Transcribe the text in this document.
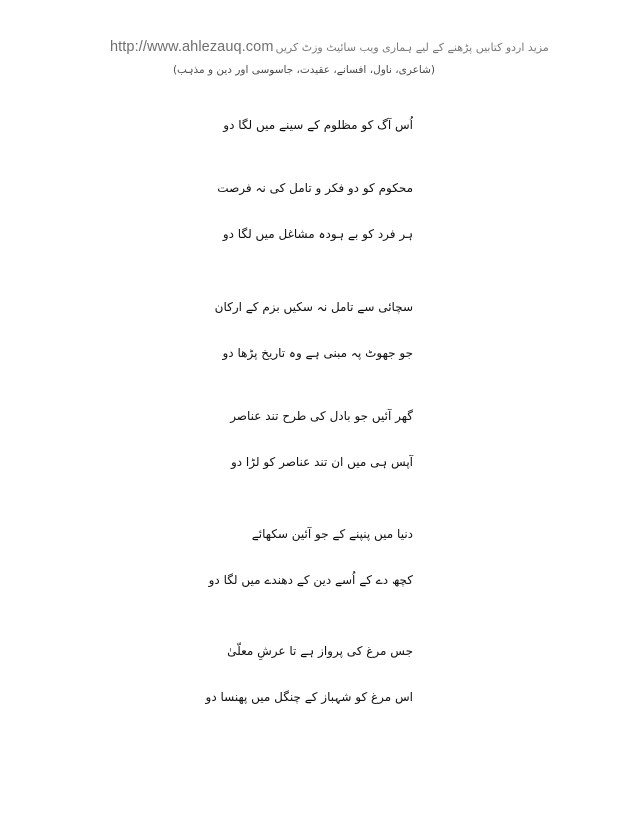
http://www.ahlezauq.com مزید اردو کتابیں پڑھنے کے لیے ہماری ویب سائیٹ وزٹ کریں
(شاعری، ناول، افسانے، عقیدت، جاسوسی اور دین و مذہب)
اُس آگ کو مظلوم کے سینے میں لگا دو
محکوم کو دو فکر و تامل کی نہ فرصت
ہر فرد کو بے ہودہ مشاغل میں لگا دو
سچائی سے تامل نہ سکیں بزم کے ارکان
جو جھوٹ پہ مبنی ہے وہ تاریخ پڑھا دو
گھر آئیں جو بادل کی طرح تند عناصر
آپس ہی میں ان تند عناصر کو لڑا دو
دنیا میں پنپنے کے جو آئین سکھائے
کچھ دے کے اُسے دین کے دھندے میں لگا دو
جس مرغ کی پرواز ہے تا عرشِ معلّیٰ
اس مرغ کو شہباز کے چنگل میں پھنسا دو
